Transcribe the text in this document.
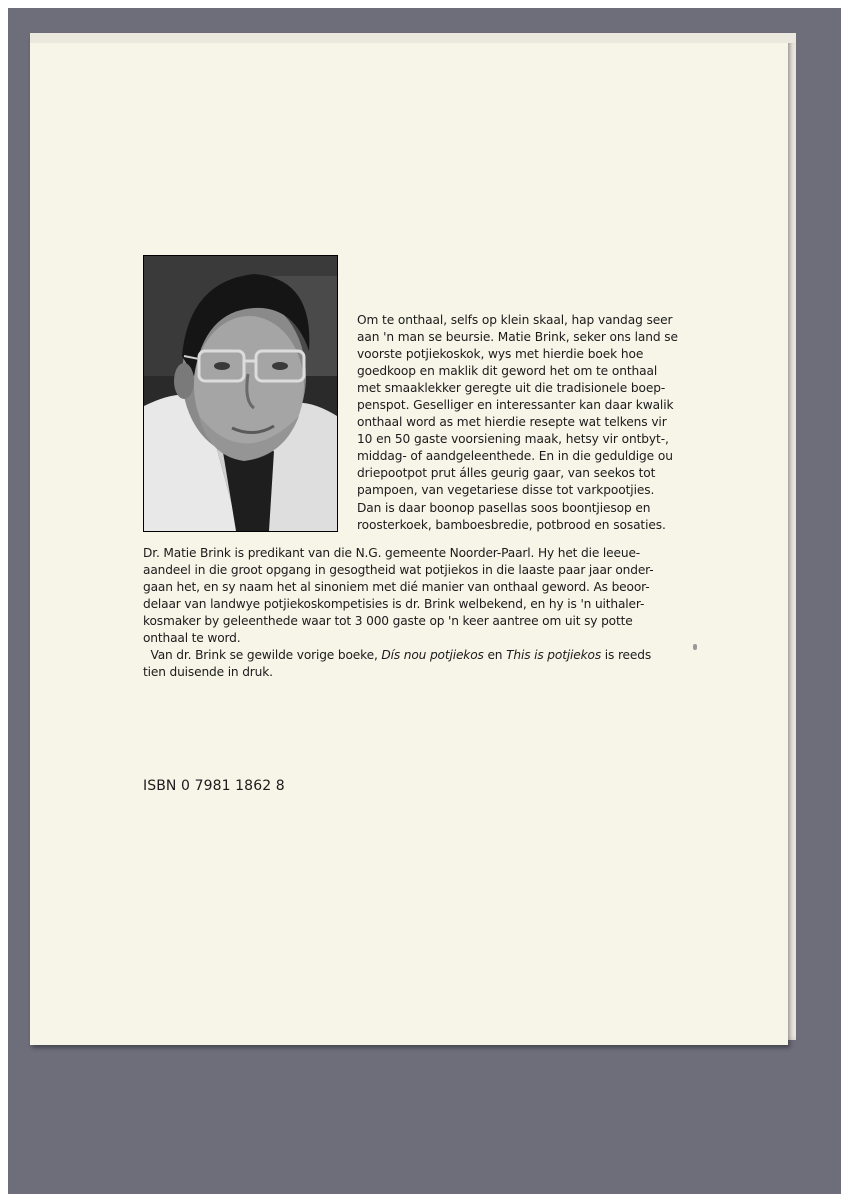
Om te onthaal, selfs op klein skaal, hap vandag seer
aan 'n man se beursie. Matie Brink, seker ons land se
voorste potjiekoskok, wys met hierdie boek hoe
goedkoop en maklik dit geword het om te onthaal
met smaaklekker geregte uit die tradisionele boep-
penspot. Geselliger en interessanter kan daar kwalik
onthaal word as met hierdie resepte wat telkens vir
10 en 50 gaste voorsiening maak, hetsy vir ontbyt-,
middag- of aandgeleenthede. En in die geduldige ou
driepootpot prut álles geurig gaar, van seekos tot
pampoen, van vegetariese disse tot varkpootjies.
Dan is daar boonop pasellas soos boontjiesop en
roosterkoek, bamboesbredie, potbrood en sosaties.
Dr. Matie Brink is predikant van die N.G. gemeente Noorder-Paarl. Hy het die leeue-
aandeel in die groot opgang in gesogtheid wat potjiekos in die laaste paar jaar onder-
gaan het, en sy naam het al sinoniem met dié manier van onthaal geword. As beoor-
delaar van landwye potjiekoskompetisies is dr. Brink welbekend, en hy is 'n uithaler-
kosmaker by geleenthede waar tot 3 000 gaste op 'n keer aantree om uit sy potte
onthaal te word.
Van dr. Brink se gewilde vorige boeke, Dís nou potjiekos en This is potjiekos is reeds
tien duisende in druk.
ISBN 0 7981 1862 8
